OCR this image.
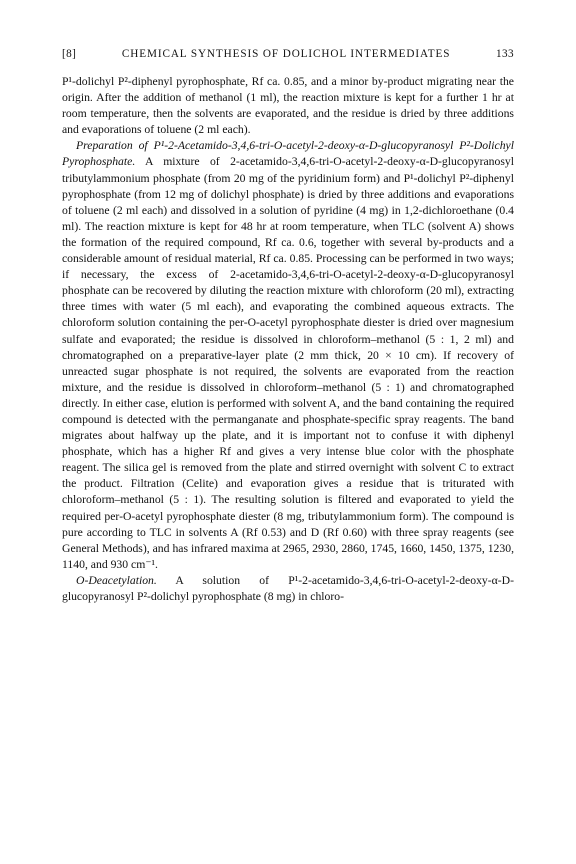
[8]	CHEMICAL SYNTHESIS OF DOLICHOL INTERMEDIATES	133

P¹-dolichyl P²-diphenyl pyrophosphate, Rf ca. 0.85, and a minor by-product migrating near the origin. After the addition of methanol (1 ml), the reaction mixture is kept for a further 1 hr at room temperature, then the solvents are evaporated, and the residue is dried by three additions and evaporations of toluene (2 ml each).

Preparation of P¹-2-Acetamido-3,4,6-tri-O-acetyl-2-deoxy-α-D-glucopyranosyl P²-Dolichyl Pyrophosphate. A mixture of 2-acetamido-3,4,6-tri-O-acetyl-2-deoxy-α-D-glucopyranosyl tributylammonium phosphate (from 20 mg of the pyridinium form) and P¹-dolichyl P²-diphenyl pyrophosphate (from 12 mg of dolichyl phosphate) is dried by three additions and evaporations of toluene (2 ml each) and dissolved in a solution of pyridine (4 mg) in 1,2-dichloroethane (0.4 ml). The reaction mixture is kept for 48 hr at room temperature, when TLC (solvent A) shows the formation of the required compound, Rf ca. 0.6, together with several by-products and a considerable amount of residual material, Rf ca. 0.85. Processing can be performed in two ways; if necessary, the excess of 2-acetamido-3,4,6-tri-O-acetyl-2-deoxy-α-D-glucopyranosyl phosphate can be recovered by diluting the reaction mixture with chloroform (20 ml), extracting three times with water (5 ml each), and evaporating the combined aqueous extracts. The chloroform solution containing the per-O-acetyl pyrophosphate diester is dried over magnesium sulfate and evaporated; the residue is dissolved in chloroform–methanol (5 : 1, 2 ml) and chromatographed on a preparative-layer plate (2 mm thick, 20 × 10 cm). If recovery of unreacted sugar phosphate is not required, the solvents are evaporated from the reaction mixture, and the residue is dissolved in chloroform–methanol (5 : 1) and chromatographed directly. In either case, elution is performed with solvent A, and the band containing the required compound is detected with the permanganate and phosphate-specific spray reagents. The band migrates about halfway up the plate, and it is important not to confuse it with diphenyl phosphate, which has a higher Rf and gives a very intense blue color with the phosphate reagent. The silica gel is removed from the plate and stirred overnight with solvent C to extract the product. Filtration (Celite) and evaporation gives a residue that is triturated with chloroform–methanol (5 : 1). The resulting solution is filtered and evaporated to yield the required per-O-acetyl pyrophosphate diester (8 mg, tributylammonium form). The compound is pure according to TLC in solvents A (Rf 0.53) and D (Rf 0.60) with three spray reagents (see General Methods), and has infrared maxima at 2965, 2930, 2860, 1745, 1660, 1450, 1375, 1230, 1140, and 930 cm⁻¹.

O-Deacetylation. A solution of P¹-2-acetamido-3,4,6-tri-O-acetyl-2-deoxy-α-D-glucopyranosyl P²-dolichyl pyrophosphate (8 mg) in chloro-
